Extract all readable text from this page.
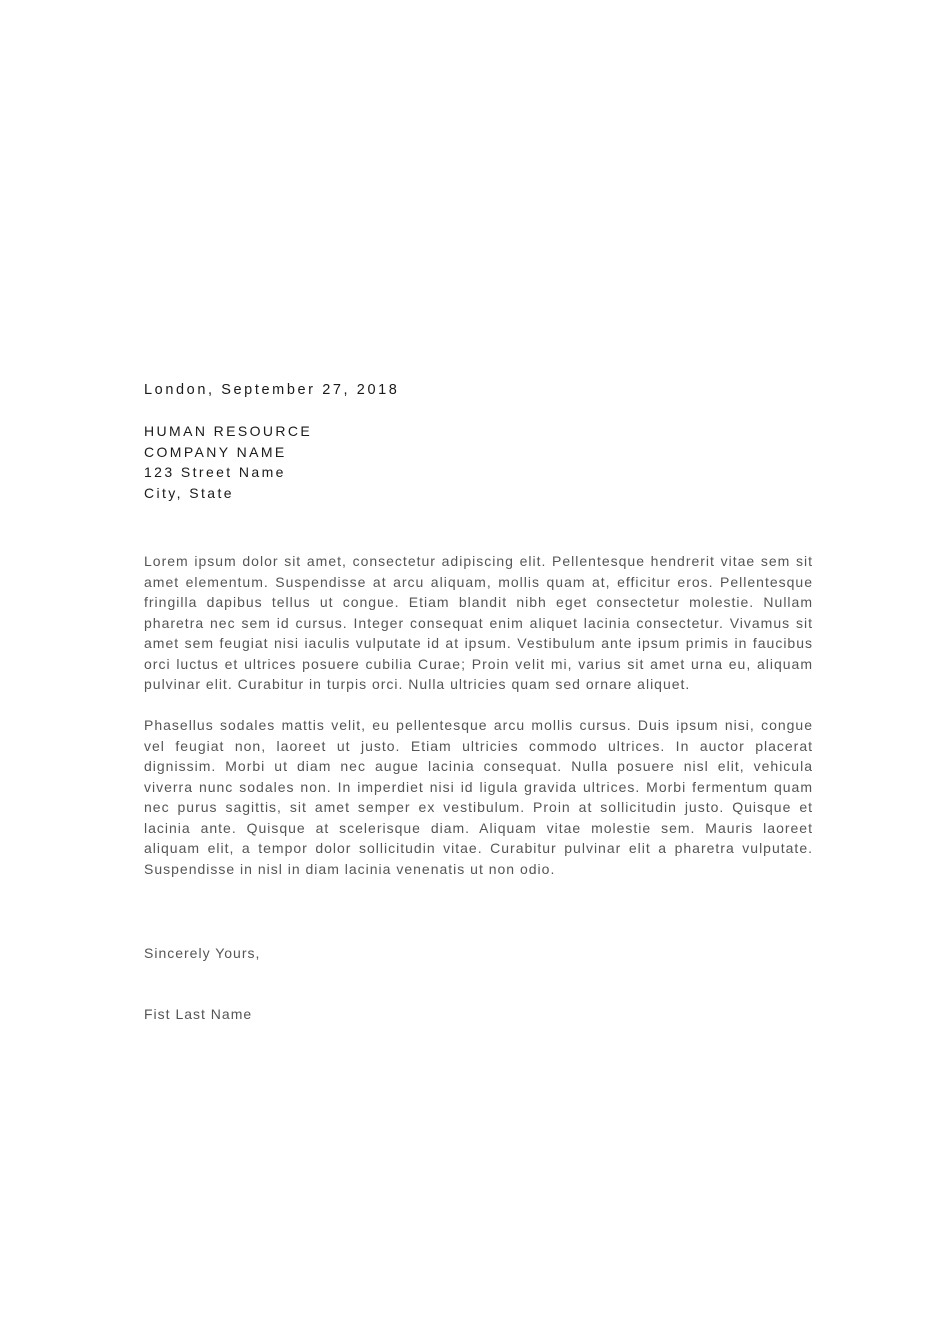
London, September 27, 2018

HUMAN RESOURCE
COMPANY NAME
123 Street Name
City, State

Lorem ipsum dolor sit amet, consectetur adipiscing elit. Pellentesque hendrerit vitae sem sit amet elementum. Suspendisse at arcu aliquam, mollis quam at, efficitur eros. Pellentesque fringilla dapibus tellus ut congue. Etiam blandit nibh eget consectetur molestie. Nullam pharetra nec sem id cursus. Integer consequat enim aliquet lacinia consectetur. Vivamus sit amet sem feugiat nisi iaculis vulputate id at ipsum. Vestibulum ante ipsum primis in faucibus orci luctus et ultrices posuere cubilia Curae; Proin velit mi, varius sit amet urna eu, aliquam pulvinar elit. Curabitur in turpis orci. Nulla ultricies quam sed ornare aliquet.

Phasellus sodales mattis velit, eu pellentesque arcu mollis cursus. Duis ipsum nisi, congue vel feugiat non, laoreet ut justo. Etiam ultricies commodo ultrices. In auctor placerat dignissim. Morbi ut diam nec augue lacinia consequat. Nulla posuere nisl elit, vehicula viverra nunc sodales non. In imperdiet nisi id ligula gravida ultrices. Morbi fermentum quam nec purus sagittis, sit amet semper ex vestibulum. Proin at sollicitudin justo. Quisque et lacinia ante. Quisque at scelerisque diam. Aliquam vitae molestie sem. Mauris laoreet aliquam elit, a tempor dolor sollicitudin vitae. Curabitur pulvinar elit a pharetra vulputate. Suspendisse in nisl in diam lacinia venenatis ut non odio.

Sincerely Yours,
Fist Last Name
